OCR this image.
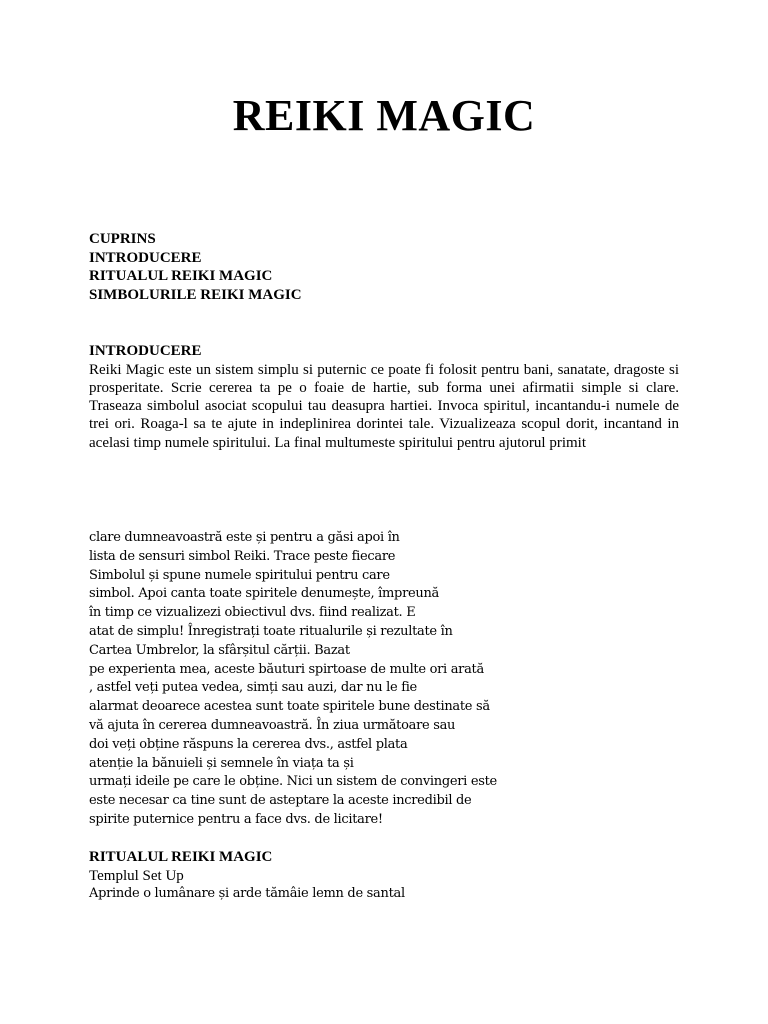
REIKI MAGIC
CUPRINS
INTRODUCERE
RITUALUL REIKI MAGIC
SIMBOLURILE REIKI MAGIC
INTRODUCERE

Reiki Magic este un sistem simplu si puternic ce poate fi folosit pentru bani, sanatate, dragoste si prosperitate. Scrie cererea ta pe o foaie de hartie, sub forma unei afirmatii simple si clare. Traseaza simbolul asociat scopului tau deasupra hartiei. Invoca spiritul, incantandu-i numele de trei ori. Roaga-l sa te ajute in indeplinirea dorintei tale. Vizualizeaza scopul dorit, incantand in acelasi timp numele spiritului. La final multumeste spiritului pentru ajutorul primit

clare dumneavoastră este și pentru a găsi apoi în
lista de sensuri simbol Reiki. Trace peste fiecare
Simbolul și spune numele spiritului pentru care
simbol. Apoi canta toate spiritele denumește, împreună
în timp ce vizualizezi obiectivul dvs. fiind realizat. E
atat de simplu! Înregistrați toate ritualurile și rezultate în
Cartea Umbrelor, la sfârșitul cărții. Bazat
pe experienta mea, aceste băuturi spirtoase de multe ori arată
, astfel veți putea vedea, simți sau auzi, dar nu le fie
alarmat deoarece acestea sunt toate spiritele bune destinate să
vă ajuta în cererea dumneavoastră. În ziua următoare sau
doi veți obține răspuns la cererea dvs., astfel plata
atenție la bănuieli și semnele în viața ta și
urmați ideile pe care le obține. Nici un sistem de convingeri este
este necesar ca tine sunt de asteptare la aceste incredibil de
spirite puternice pentru a face dvs. de licitare!
RITUALUL REIKI MAGIC
Templul Set Up
Aprinde o lumânare și arde tămâie lemn de santal
